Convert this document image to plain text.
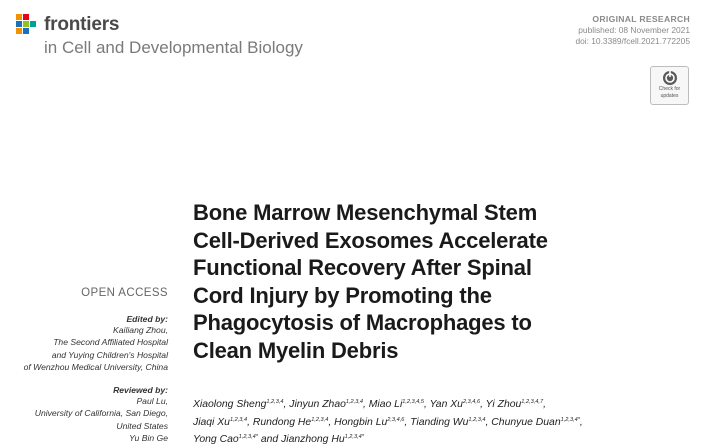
frontiers
in Cell and Developmental Biology
ORIGINAL RESEARCH
published: 08 November 2021
doi: 10.3389/fcell.2021.772205
Check for
updates
OPEN ACCESS
Edited by:
Kailiang Zhou,
The Second Affiliated Hospital
and Yuying Children's Hospital
of Wenzhou Medical University, China
Reviewed by:
Paul Lu,
University of California, San Diego,
United States
Yu Bin Ge
Bone Marrow Mesenchymal Stem
Cell-Derived Exosomes Accelerate
Functional Recovery After Spinal
Cord Injury by Promoting the
Phagocytosis of Macrophages to
Clean Myelin Debris
Xiaolong Sheng$^{1,2,3,4}$, Jinyun Zhao$^{1,2,3,4}$, Miao Li$^{1,2,3,4,5}$, Yan Xu$^{2,3,4,6}$, Yi Zhou$^{1,2,3,4,7}$,
Jiaqi Xu$^{1,2,3,4}$, Rundong He$^{1,2,3,4}$, Hongbin Lu$^{2,3,4,6}$, Tianding Wu$^{1,2,3,4}$, Chunyue Duan$^{1,2,3,4*}$,
Yong Cao$^{1,2,3,4*}$ and Jianzhong $Hu^{1,2,3,4*}$
